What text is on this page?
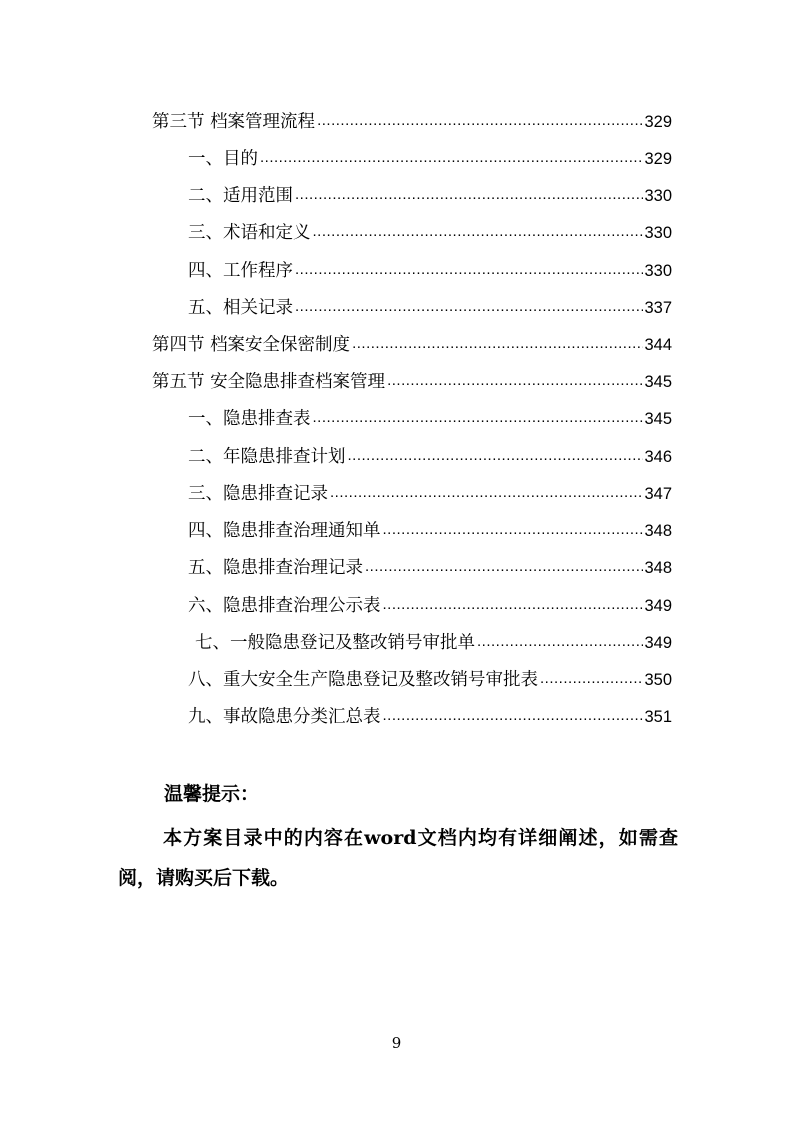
第三节 档案管理流程 .....	329
一、目的 .....	329
二、适用范围 .....	330
三、术语和定义 .....	330
四、工作程序 .....	330
五、相关记录 .....	337
第四节 档案安全保密制度 .....	344
第五节 安全隐患排查档案管理 .....	345
一、隐患排查表 .....	345
二、年隐患排查计划 .....	346
三、隐患排查记录 .....	347
四、隐患排查治理通知单 .....	348
五、隐患排查治理记录 .....	348
六、隐患排查治理公示表 .....	349
七、一般隐患登记及整改销号审批单 .....	349
八、重大安全生产隐患登记及整改销号审批表 .....	350
九、事故隐患分类汇总表 .....	351
温馨提示：
本方案目录中的内容在word文档内均有详细阐述，如需查阅，请购买后下载。
9
